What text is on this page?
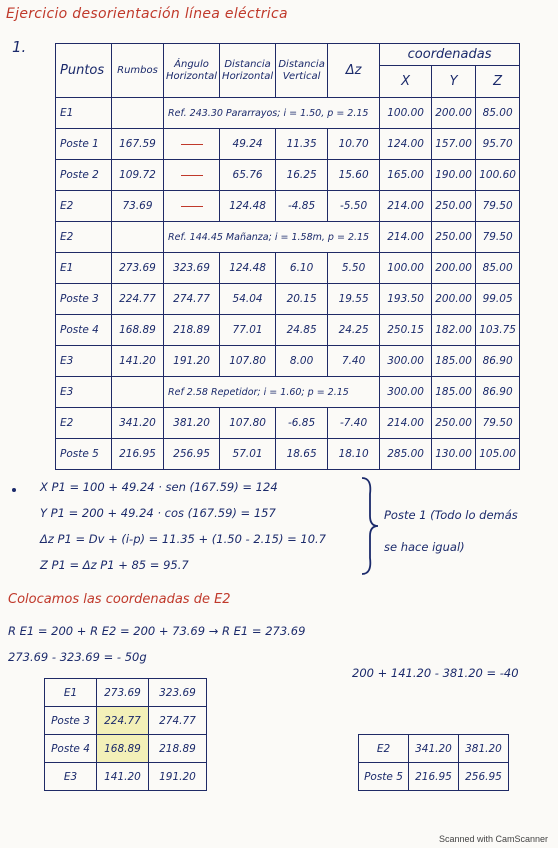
Ejercicio desorientación línea eléctrica
1.
Puntos	Rumbos	Ángulo Horizontal	Distancia Horizontal	Distancia Vertical	Δz	coordenadas		
						X	Y	Z
E1		Ref. 243.30 Pararrayos; i = 1.50, p = 2.15				100.00	200.00	85.00
Poste 1	167.59		49.24	11.35	10.70	124.00	157.00	95.70
Poste 2	109.72		65.76	16.25	15.60	165.00	190.00	100.60
E2	73.69		124.48	-4.85	-5.50	214.00	250.00	79.50
E2		Ref. 144.45 Mañanza; i = 1.58m, p = 2.15				214.00	250.00	79.50
E1	273.69	323.69	124.48	6.10	5.50	100.00	200.00	85.00
Poste 3	224.77	274.77	54.04	20.15	19.55	193.50	200.00	99.05
Poste 4	168.89	218.89	77.01	24.85	24.25	250.15	182.00	103.75
E3	141.20	191.20	107.80	8.00	7.40	300.00	185.00	86.90
E3		Ref 2.58 Repetidor; i = 1.60; p = 2.15				300.00	185.00	86.90
E2	341.20	381.20	107.80	-6.85	-7.40	214.00	250.00	79.50
Poste 5	216.95	256.95	57.01	18.65	18.10	285.00	130.00	105.00
X P1 = 100 + 49.24 · sen (167.59) = 124
Y P1 = 200 + 49.24 · cos (167.59) = 157
Δz P1 = Dv + (i-p) = 11.35 + (1.50 - 2.15) = 10.7
Z P1 = Δz P1 + 85 = 95.7
Poste 1 (Todo lo demás
se hace igual)
Colocamos las coordenadas de E2
R E1 = 200 + R E2 = 200 + 73.69 → R E1 = 273.69
273.69 - 323.69 = - 50g
200 + 141.20 - 381.20 = -40
E1	273.69	323.69
Poste 3	224.77	274.77
Poste 4	168.89	218.89
E3	141.20	191.20
E2	341.20	381.20
Poste 5	216.95	256.95
Scanned with CamScanner
